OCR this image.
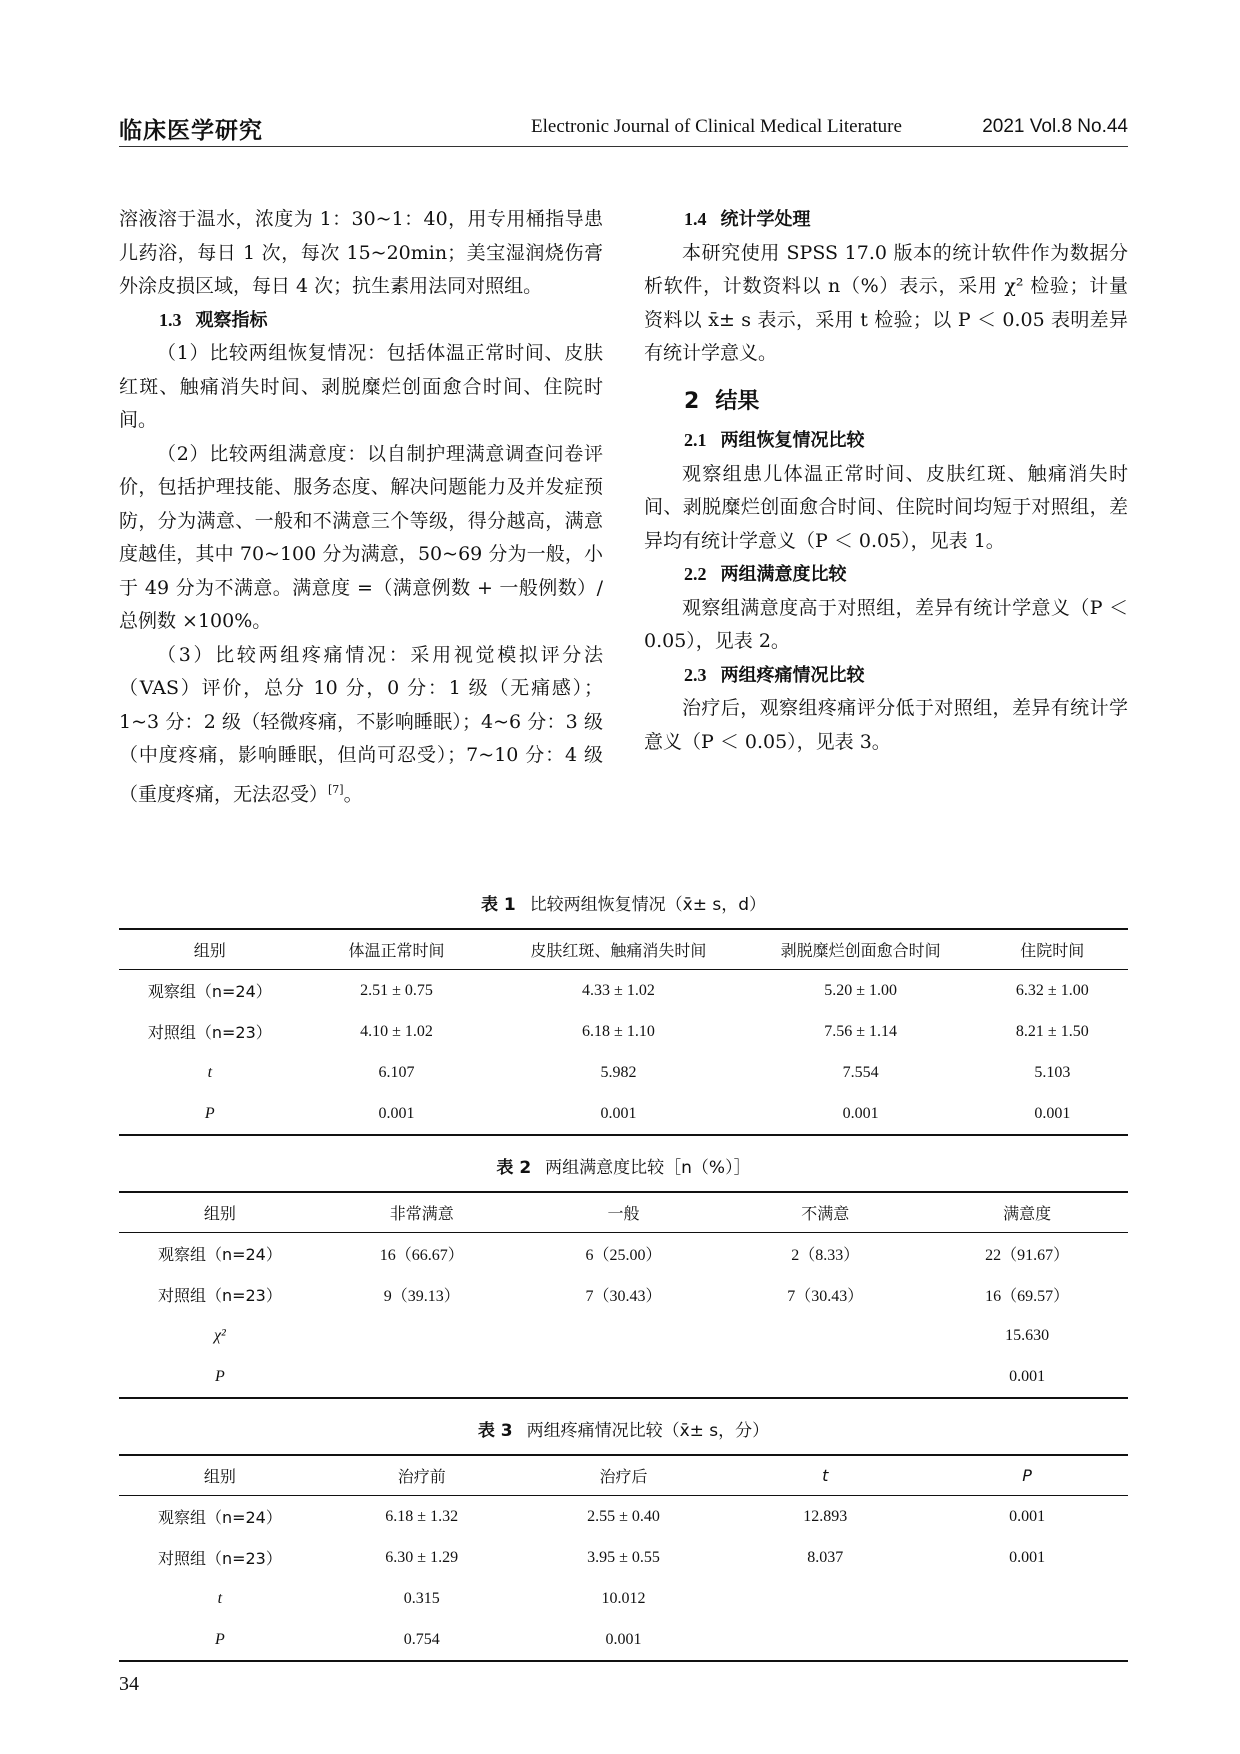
临床医学研究	Electronic Journal of Clinical Medical Literature	2021 Vol.8 No.44

溶液溶于温水，浓度为 1：30~1：40，用专用桶指导患儿药浴，每日 1 次，每次 15~20min；美宝湿润烧伤膏外涂皮损区域，每日 4 次；抗生素用法同对照组。

1.3 观察指标

（1）比较两组恢复情况：包括体温正常时间、皮肤红斑、触痛消失时间、剥脱糜烂创面愈合时间、住院时间。

（2）比较两组满意度：以自制护理满意调查问卷评价，包括护理技能、服务态度、解决问题能力及并发症预防，分为满意、一般和不满意三个等级，得分越高，满意度越佳，其中 70~100 分为满意，50~69 分为一般，小于 49 分为不满意。满意度 =（满意例数 + 一般例数）/ 总例数 ×100%。

（3）比较两组疼痛情况：采用视觉模拟评分法（VAS）评价，总分 10 分，0 分：1 级（无痛感）；1~3 分：2 级（轻微疼痛，不影响睡眠）；4~6 分：3 级（中度疼痛，影响睡眠，但尚可忍受）；7~10 分：4 级（重度疼痛，无法忍受）[7]。

1.4 统计学处理

本研究使用 SPSS 17.0 版本的统计软件作为数据分析软件，计数资料以 n（%）表示，采用 χ² 检验；计量资料以 x̄± s 表示，采用 t 检验；以 P ＜ 0.05 表明差异有统计学意义。

2 结果

2.1 两组恢复情况比较

观察组患儿体温正常时间、皮肤红斑、触痛消失时间、剥脱糜烂创面愈合时间、住院时间均短于对照组，差异均有统计学意义（P ＜ 0.05），见表 1。

2.2 两组满意度比较

观察组满意度高于对照组，差异有统计学意义（P ＜ 0.05），见表 2。

2.3 两组疼痛情况比较

治疗后，观察组疼痛评分低于对照组，差异有统计学意义（P ＜ 0.05），见表 3。

表 1 比较两组恢复情况（x̄± s，d）
组别	体温正常时间	皮肤红斑、触痛消失时间	剥脱糜烂创面愈合时间	住院时间
观察组（n=24）	2.51 ± 0.75	4.33 ± 1.02	5.20 ± 1.00	6.32 ± 1.00
对照组（n=23）	4.10 ± 1.02	6.18 ± 1.10	7.56 ± 1.14	8.21 ± 1.50
t	6.107	5.982	7.554	5.103
P	0.001	0.001	0.001	0.001
表 2 两组满意度比较［n（%）］
组别	非常满意	一般	不满意	满意度
观察组（n=24）	16（66.67）	6（25.00）	2（8.33）	22（91.67）
对照组（n=23）	9（39.13）	7（30.43）	7（30.43）	16（69.57）
χ²				15.630
P				0.001
表 3 两组疼痛情况比较（x̄± s，分）
组别	治疗前	治疗后	t	P
观察组（n=24）	6.18 ± 1.32	2.55 ± 0.40	12.893	0.001
对照组（n=23）	6.30 ± 1.29	3.95 ± 0.55	8.037	0.001
t	0.315	10.012		
P	0.754	0.001		
34
